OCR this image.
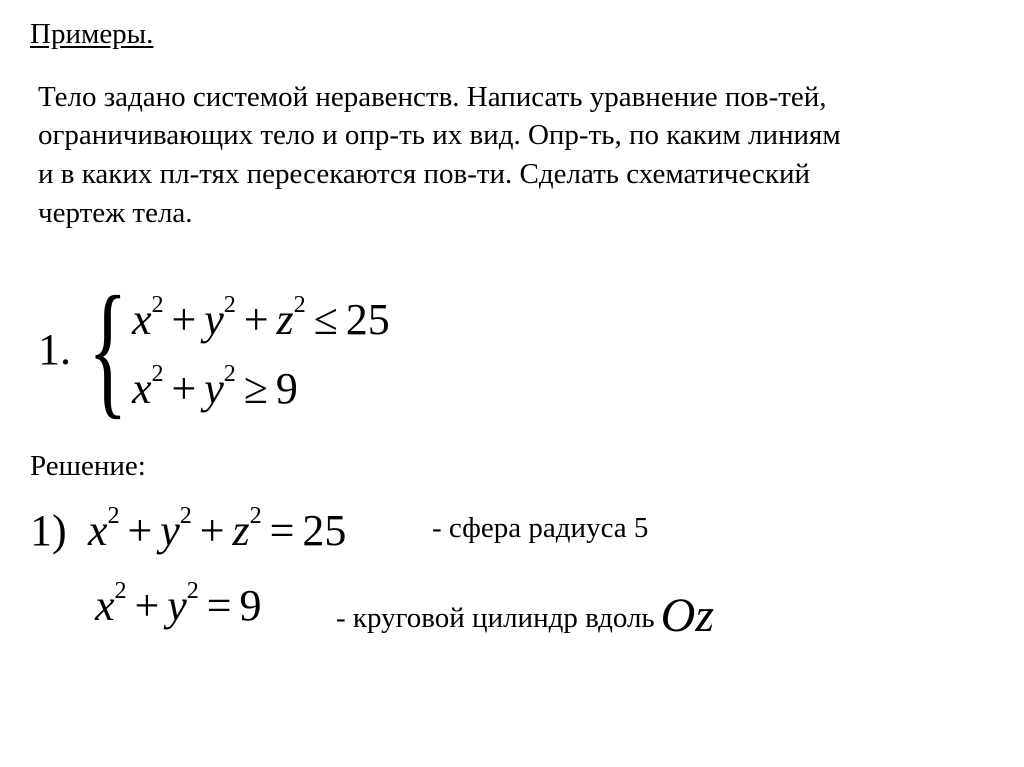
Примеры.
Тело задано системой неравенств. Написать уравнение пов-тей,
ограничивающих тело и опр-ть их вид. Опр-ть, по каким линиям
и в каких пл-тях пересекаются пов-ти. Сделать схематический
чертеж тела.
1. { $x^2 + y^2 + z^2 \le 25$
$x^2 + y^2 \ge 9$
Решение:
1) $x^2 + y^2 + z^2 = 25$	- сфера радиуса 5
$x^2 + y^2 = 9$	- круговой цилиндр вдоль Oz
